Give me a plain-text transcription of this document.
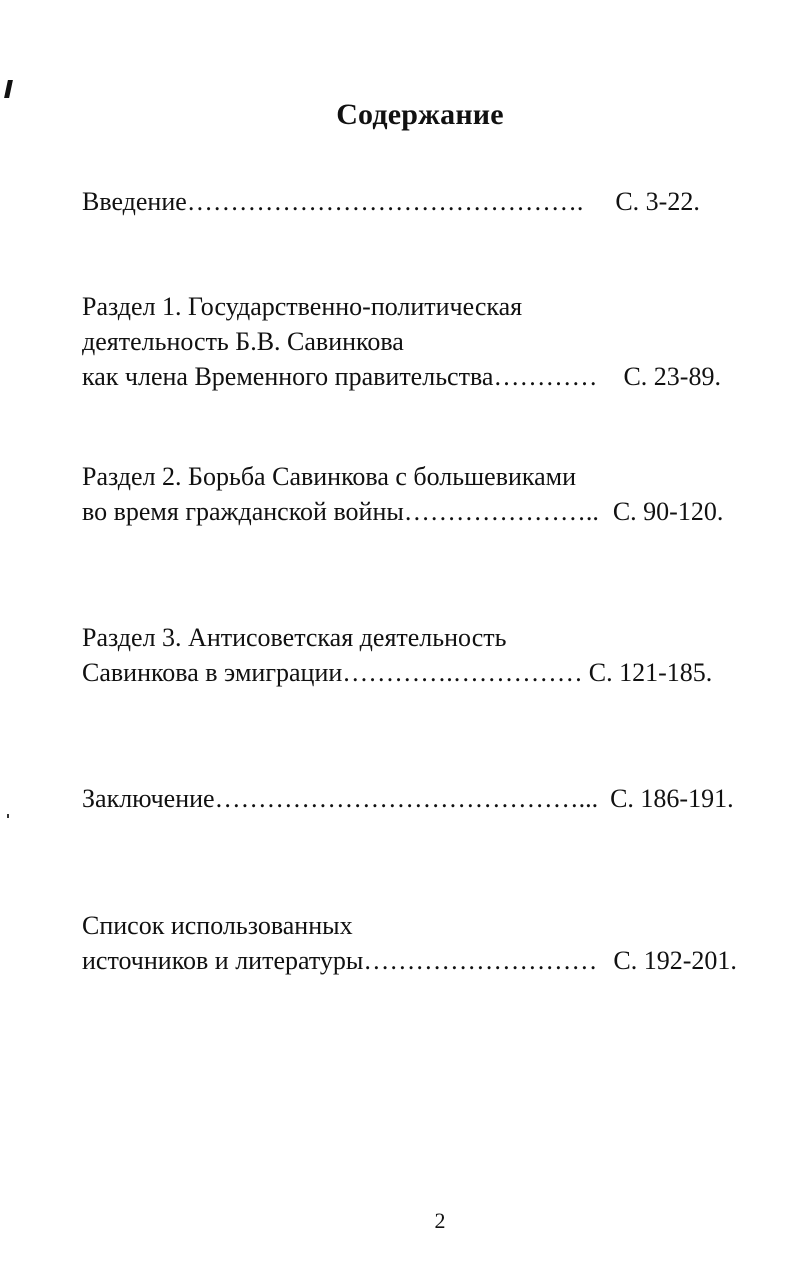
Содержание
Введение ………………………………………. С. 3-22.
Раздел 1. Государственно-политическая
деятельность Б.В. Савинкова
как члена Временного правительства ………… С. 23-89.
Раздел 2. Борьба Савинкова с большевиками
во время гражданской войны ………………….. С. 90-120.
Раздел 3. Антисоветская деятельность
Савинкова в эмиграции ………….…………… С. 121-185.
Заключение ……………………………………... С. 186-191.
Список использованных
источников и литературы ……………………… С. 192-201.
2
